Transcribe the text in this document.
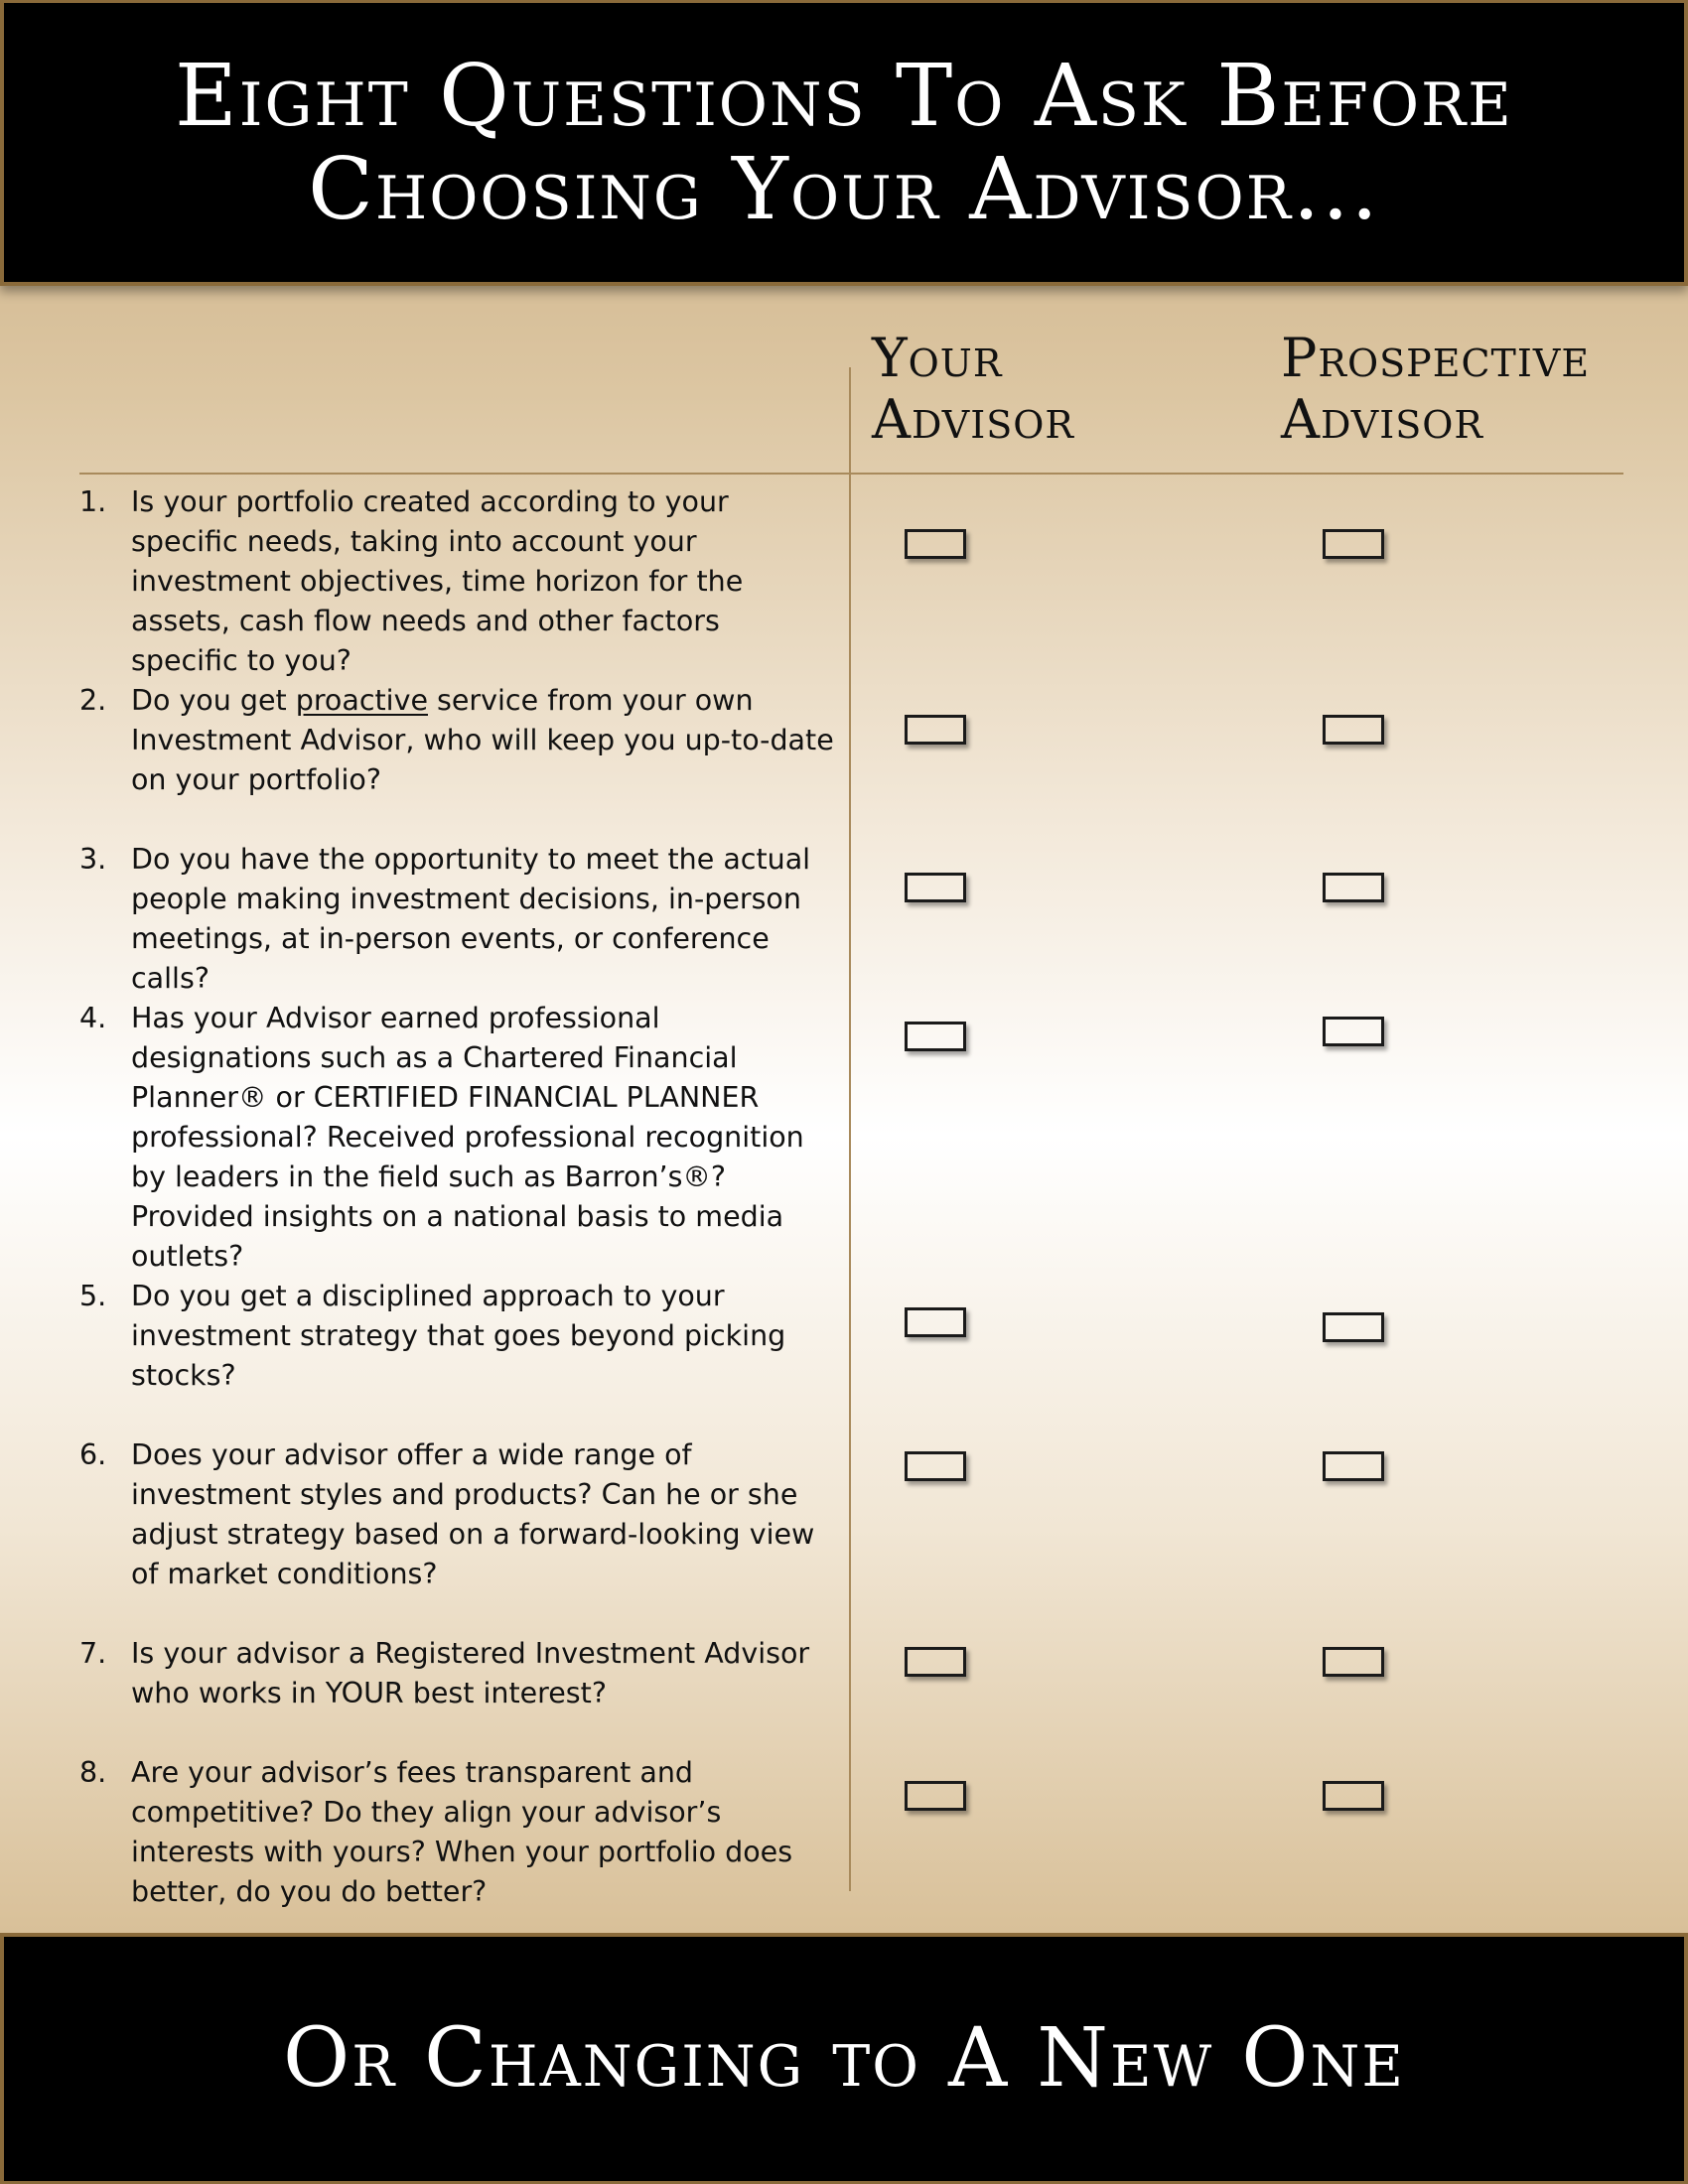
Eight Questions To Ask Before
Choosing Your Advisor...
Your
Advisor
Prospective
Advisor
1. Is your portfolio created according to your specific needs, taking into account your investment objectives, time horizon for the assets, cash flow needs and other factors specific to you?
2. Do you get proactive service from your own Investment Advisor, who will keep you up-to-date on your portfolio?
3. Do you have the opportunity to meet the actual people making investment decisions, in-person meetings, at in-person events, or conference calls?
4. Has your Advisor earned professional designations such as a Chartered Financial Planner® or CERTIFIED FINANCIAL PLANNER professional? Received professional recognition by leaders in the field such as Barron’s®? Provided insights on a national basis to media outlets?
5. Do you get a disciplined approach to your investment strategy that goes beyond picking stocks?
6. Does your advisor offer a wide range of investment styles and products? Can he or she adjust strategy based on a forward-looking view of market conditions?
7. Is your advisor a Registered Investment Advisor who works in YOUR best interest?
8. Are your advisor’s fees transparent and competitive? Do they align your advisor’s interests with yours? When your portfolio does better, do you do better?
Or Changing to A New One
